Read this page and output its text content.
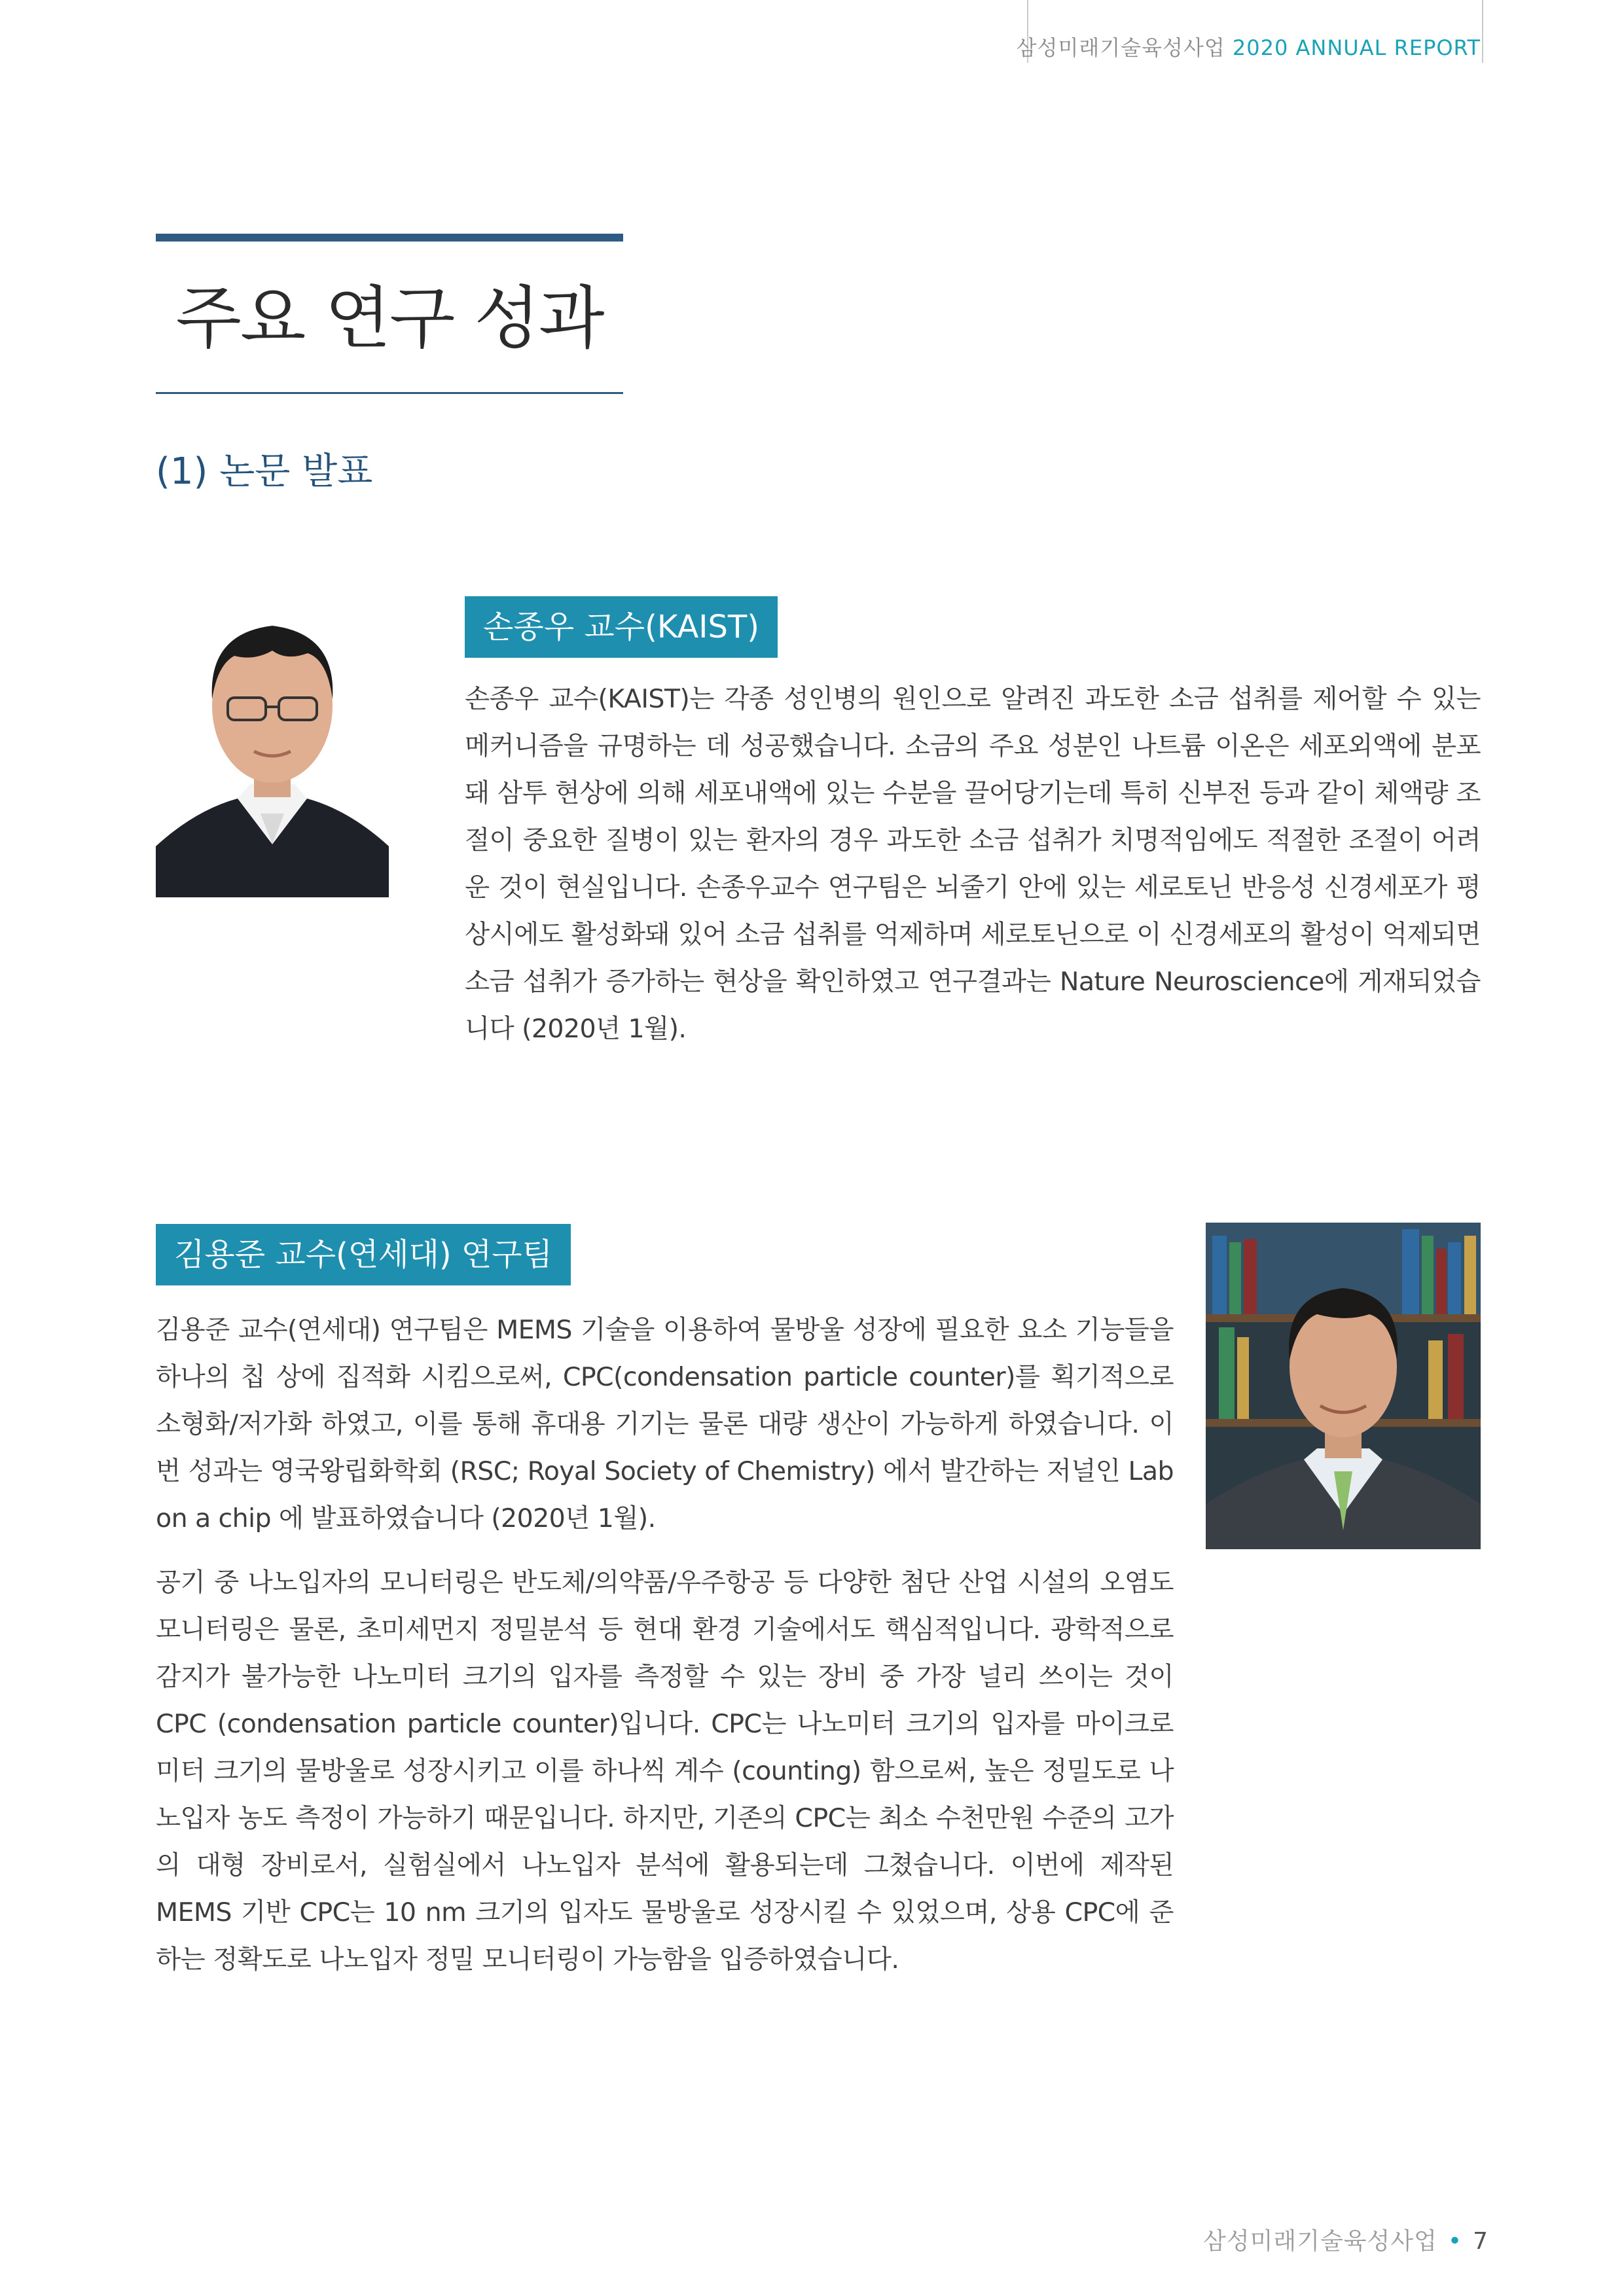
삼성미래기술육성사업 2020 ANNUAL REPORT
주요 연구 성과
(1) 논문 발표
손종우 교수(KAIST)

손종우 교수(KAIST)는 각종 성인병의 원인으로 알려진 과도한 소금 섭취를 제어할 수 있는 메커니즘을 규명하는 데 성공했습니다. 소금의 주요 성분인 나트륨 이온은 세포외액에 분포돼 삼투 현상에 의해 세포내액에 있는 수분을 끌어당기는데 특히 신부전 등과 같이 체액량 조절이 중요한 질병이 있는 환자의 경우 과도한 소금 섭취가 치명적임에도 적절한 조절이 어려운 것이 현실입니다. 손종우교수 연구팀은 뇌줄기 안에 있는 세로토닌 반응성 신경세포가 평상시에도 활성화돼 있어 소금 섭취를 억제하며 세로토닌으로 이 신경세포의 활성이 억제되면 소금 섭취가 증가하는 현상을 확인하였고 연구결과는 Nature Neuroscience에 게재되었습니다 (2020년 1월).

김용준 교수(연세대) 연구팀

김용준 교수(연세대) 연구팀은 MEMS 기술을 이용하여 물방울 성장에 필요한 요소 기능들을 하나의 칩 상에 집적화 시킴으로써, CPC(condensation particle counter)를 획기적으로 소형화/저가화 하였고, 이를 통해 휴대용 기기는 물론 대량 생산이 가능하게 하였습니다. 이번 성과는 영국왕립화학회 (RSC; Royal Society of Chemistry) 에서 발간하는 저널인 Lab on a chip 에 발표하였습니다 (2020년 1월).

공기 중 나노입자의 모니터링은 반도체/의약품/우주항공 등 다양한 첨단 산업 시설의 오염도 모니터링은 물론, 초미세먼지 정밀분석 등 현대 환경 기술에서도 핵심적입니다. 광학적으로 감지가 불가능한 나노미터 크기의 입자를 측정할 수 있는 장비 중 가장 널리 쓰이는 것이 CPC (condensation particle counter)입니다. CPC는 나노미터 크기의 입자를 마이크로미터 크기의 물방울로 성장시키고 이를 하나씩 계수 (counting) 함으로써, 높은 정밀도로 나노입자 농도 측정이 가능하기 때문입니다. 하지만, 기존의 CPC는 최소 수천만원 수준의 고가의 대형 장비로서, 실험실에서 나노입자 분석에 활용되는데 그쳤습니다. 이번에 제작된 MEMS 기반 CPC는 10 nm 크기의 입자도 물방울로 성장시킬 수 있었으며, 상용 CPC에 준하는 정확도로 나노입자 정밀 모니터링이 가능함을 입증하였습니다.

삼성미래기술육성사업 • 7
